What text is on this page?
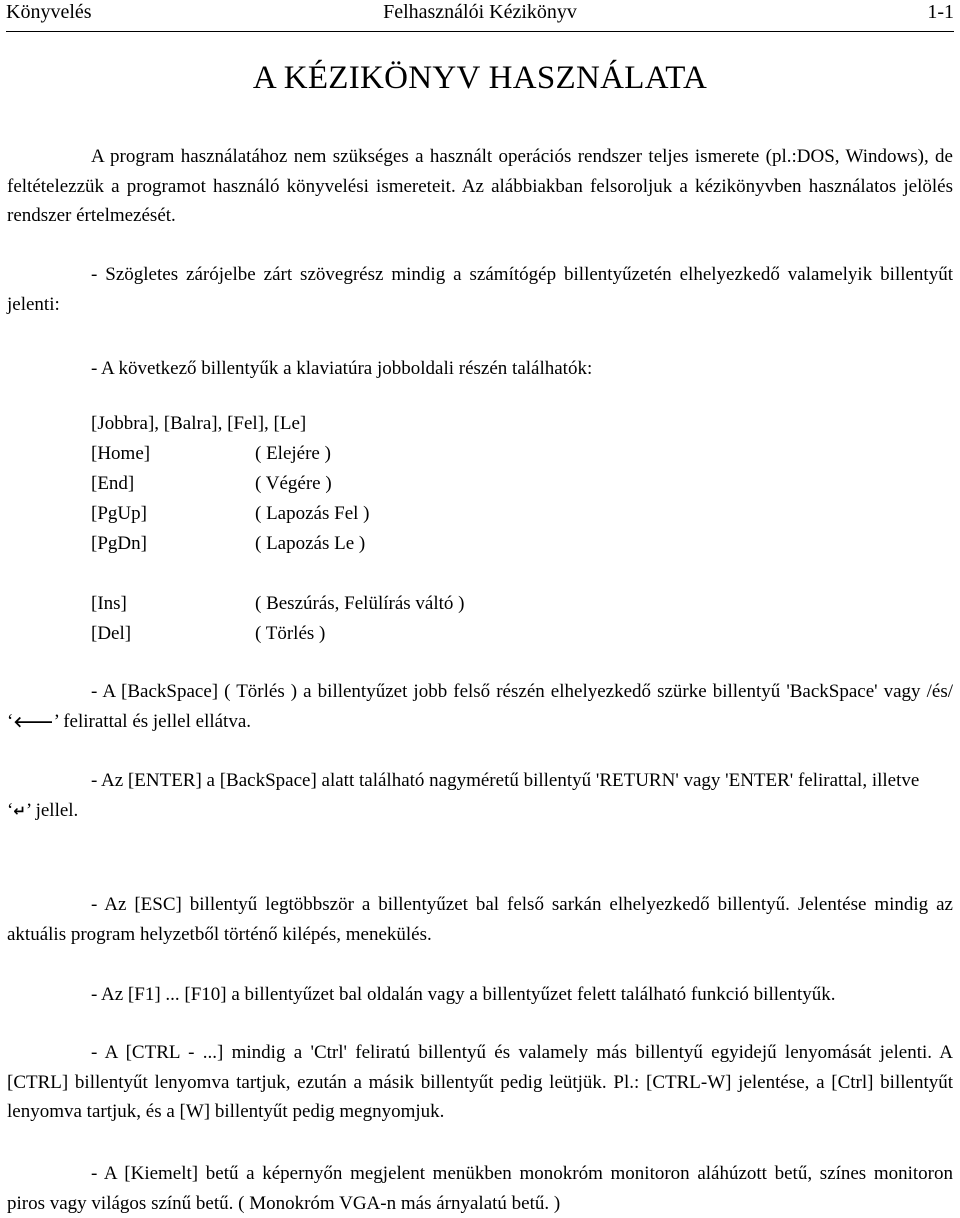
Könyvelés	Felhasználói Kézikönyv	1-1
A KÉZIKÖNYV HASZNÁLATA

A program használatához nem szükséges a használt operációs rendszer teljes ismerete (pl.:DOS, Windows), de feltételezzük a programot használó könyvelési ismereteit. Az alábbiakban felsoroljuk a kézikönyvben használatos jelölés rendszer értelmezését.

- Szögletes zárójelbe zárt szövegrész mindig a számítógép billentyűzetén elhelyezkedő valamelyik billentyűt jelenti:

- A következő billentyűk a klaviatúra jobboldali részén találhatók:

[Jobbra], [Balra], [Fel], [Le]

[Home]	( Elejére )
[End]	( Végére )
[PgUp]	( Lapozás Fel )
[PgDn]	( Lapozás Le )
[Ins]	( Beszúrás, Felülírás váltó )
[Del]	( Törlés )

- A [BackSpace] ( Törlés ) a billentyűzet jobb felső részén elhelyezkedő szürke billentyű 'BackSpace' vagy /és/ ‘🡐’ felirattal és jellel ellátva.

- Az [ENTER] a [BackSpace] alatt található nagyméretű billentyű 'RETURN' vagy 'ENTER' felirattal, illetve
‘↵’ jellel.

- Az [ESC] billentyű legtöbbször a billentyűzet bal felső sarkán elhelyezkedő billentyű. Jelentése mindig az aktuális program helyzetből történő kilépés, menekülés.

- Az [F1] ... [F10] a billentyűzet bal oldalán vagy a billentyűzet felett található funkció billentyűk.

- A [CTRL - ...] mindig a 'Ctrl' feliratú billentyű és valamely más billentyű egyidejű lenyomását jelenti. A [CTRL] billentyűt lenyomva tartjuk, ezután a másik billentyűt pedig leütjük. Pl.: [CTRL-W] jelentése, a [Ctrl] billentyűt lenyomva tartjuk, és a [W] billentyűt pedig megnyomjuk.

- A [Kiemelt] betű a képernyőn megjelent menükben monokróm monitoron aláhúzott betű, színes monitoron piros vagy világos színű betű. ( Monokróm VGA-n más árnyalatú betű. )
